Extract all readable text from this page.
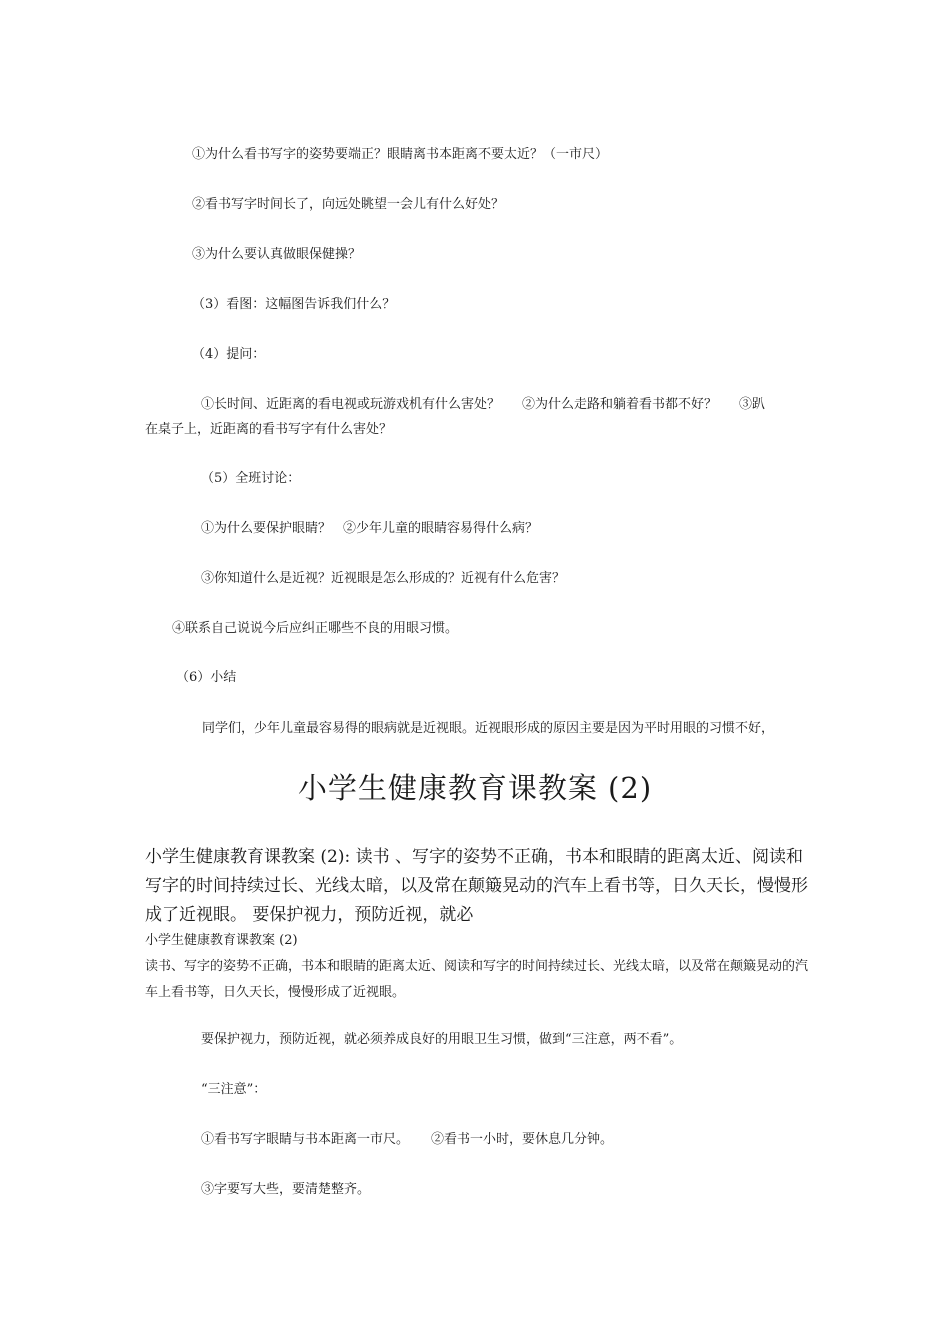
①为什么看书写字的姿势要端正？眼睛离书本距离不要太近？（一市尺）

②看书写字时间长了，向远处眺望一会儿有什么好处？

③为什么要认真做眼保健操？

（3）看图：这幅图告诉我们什么？

（4）提问：

①长时间、近距离的看电视或玩游戏机有什么害处？ ②为什么走路和躺着看书都不好？ ③趴

在桌子上，近距离的看书写字有什么害处？

（5）全班讨论：

①为什么要保护眼睛？ ②少年儿童的眼睛容易得什么病？

③你知道什么是近视？近视眼是怎么形成的？近视有什么危害？

④联系自己说说今后应纠正哪些不良的用眼习惯。

（6）小结

同学们，少年儿童最容易得的眼病就是近视眼。近视眼形成的原因主要是因为平时用眼的习惯不好，

小学生健康教育课教案 (2)

小学生健康教育课教案 (2): 读书 、写字的姿势不正确，书本和眼睛的距离太近、阅读和写字的时间持续过长、光线太暗，以及常在颠簸晃动的汽车上看书等，日久天长，慢慢形成了近视眼。 要保护视力，预防近视，就必

小学生健康教育课教案 (2)

读书、写字的姿势不正确，书本和眼睛的距离太近、阅读和写字的时间持续过长、光线太暗，以及常在颠簸晃动的汽车上看书等，日久天长，慢慢形成了近视眼。

要保护视力，预防近视，就必须养成良好的用眼卫生习惯，做到“三注意，两不看”。

“三注意”：

①看书写字眼睛与书本距离一市尺。 ②看书一小时，要休息几分钟。

③字要写大些，要清楚整齐。
